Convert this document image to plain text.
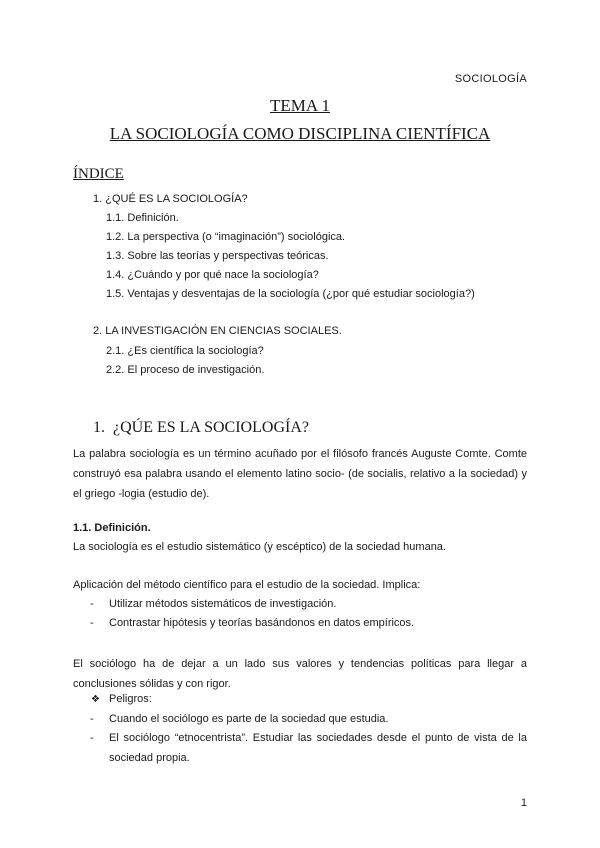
SOCIOLOGÍA
TEMA 1
LA SOCIOLOGÍA COMO DISCIPLINA CIENTÍFICA
ÍNDICE
1. ¿QUÉ ES LA SOCIOLOGÍA?
1.1. Definición.
1.2. La perspectiva (o “imaginación”) sociológica.
1.3. Sobre las teorías y perspectivas teóricas.
1.4. ¿Cuándo y por qué nace la sociología?
1.5. Ventajas y desventajas de la sociología (¿por qué estudiar sociología?)
2. LA INVESTIGACIÓN EN CIENCIAS SOCIALES.
2.1. ¿Es científica la sociología?
2.2. El proceso de investigación.
1. ¿QÚE ES LA SOCIOLOGÍA?
La palabra sociología es un término acuñado por el filósofo francés Auguste Comte. Comte
construyó esa palabra usando el elemento latino socio- (de socialis, relativo a la sociedad) y
el griego -logia (estudio de).
1.1. Definición.
La sociología es el estudio sistemático (y escéptico) de la sociedad humana.
Aplicación del método científico para el estudio de la sociedad. Implica:
- Utilizar métodos sistemáticos de investigación.
- Contrastar hipótesis y teorías basándonos en datos empíricos.
El sociólogo ha de dejar a un lado sus valores y tendencias políticas para llegar a
conclusiones sólidas y con rigor.
❖ Peligros:
- Cuando el sociólogo es parte de la sociedad que estudia.
- El sociólogo “etnocentrista”. Estudiar las sociedades desde el punto de vista de la
sociedad propia.
1
